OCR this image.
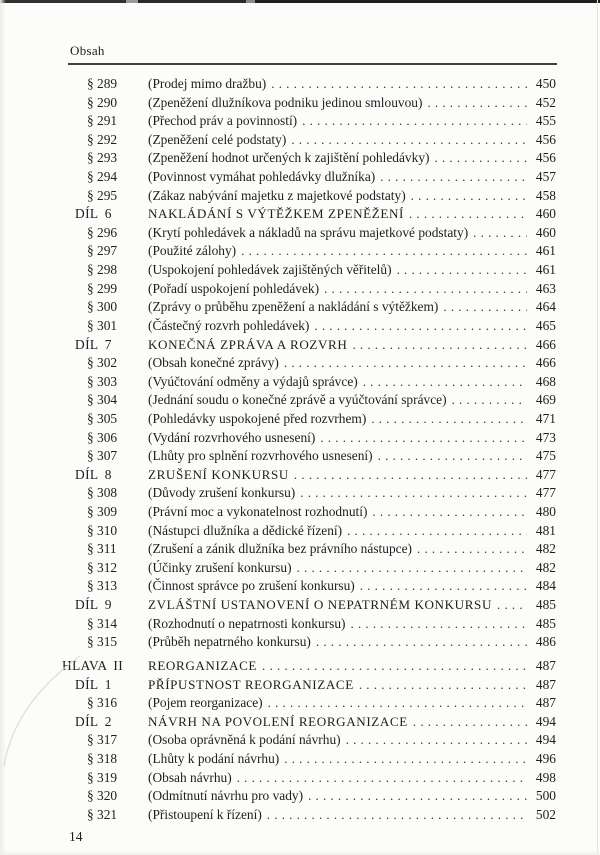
Obsah
§ 289	(Prodej mimo dražbu) .....	450
§ 290	(Zpeněžení dlužníkova podniku jedinou smlouvou) .....	452
§ 291	(Přechod práv a povinností) .....	455
§ 292	(Zpeněžení celé podstaty) .....	456
§ 293	(Zpeněžení hodnot určených k zajištění pohledávky) .....	456
§ 294	(Povinnost vymáhat pohledávky dlužníka) .....	457
§ 295	(Zákaz nabývání majetku z majetkové podstaty) .....	458
DÍL 6	NAKLÁDÁNÍ S VÝTĚŽKEM ZPENĚŽENÍ .....	460
§ 296	(Krytí pohledávek a nákladů na správu majetkové podstaty) .....	460
§ 297	(Použité zálohy) .....	461
§ 298	(Uspokojení pohledávek zajištěných věřitelů) .....	461
§ 299	(Pořadí uspokojení pohledávek) .....	463
§ 300	(Zprávy o průběhu zpeněžení a nakládání s výtěžkem) .....	464
§ 301	(Částečný rozvrh pohledávek) .....	465
DÍL 7	KONEČNÁ ZPRÁVA A ROZVRH .....	466
§ 302	(Obsah konečné zprávy) .....	466
§ 303	(Vyúčtování odměny a výdajů správce) .....	468
§ 304	(Jednání soudu o konečné zprávě a vyúčtování správce) .....	469
§ 305	(Pohledávky uspokojené před rozvrhem) .....	471
§ 306	(Vydání rozvrhového usnesení) .....	473
§ 307	(Lhůty pro splnění rozvrhového usnesení) .....	475
DÍL 8	ZRUŠENÍ KONKURSU .....	477
§ 308	(Důvody zrušení konkursu) .....	477
§ 309	(Právní moc a vykonatelnost rozhodnutí) .....	480
§ 310	(Nástupci dlužníka a dědické řízení) .....	481
§ 311	(Zrušení a zánik dlužníka bez právního nástupce) .....	482
§ 312	(Účinky zrušení konkursu) .....	482
§ 313	(Činnost správce po zrušení konkursu) .....	484
DÍL 9	ZVLÁŠTNÍ USTANOVENÍ O NEPATRNÉM KONKURSU .....	485
§ 314	(Rozhodnutí o nepatrnosti konkursu) .....	485
§ 315	(Průběh nepatrného konkursu) .....	486
HLAVA II	REORGANIZACE .....	487
DÍL 1	PŘÍPUSTNOST REORGANIZACE .....	487
§ 316	(Pojem reorganizace) .....	487
DÍL 2	NÁVRH NA POVOLENÍ REORGANIZACE .....	494
§ 317	(Osoba oprávněná k podání návrhu) .....	494
§ 318	(Lhůty k podání návrhu) .....	496
§ 319	(Obsah návrhu) .....	498
§ 320	(Odmítnutí návrhu pro vady) .....	500
§ 321	(Přistoupení k řízení) .....	502
14
